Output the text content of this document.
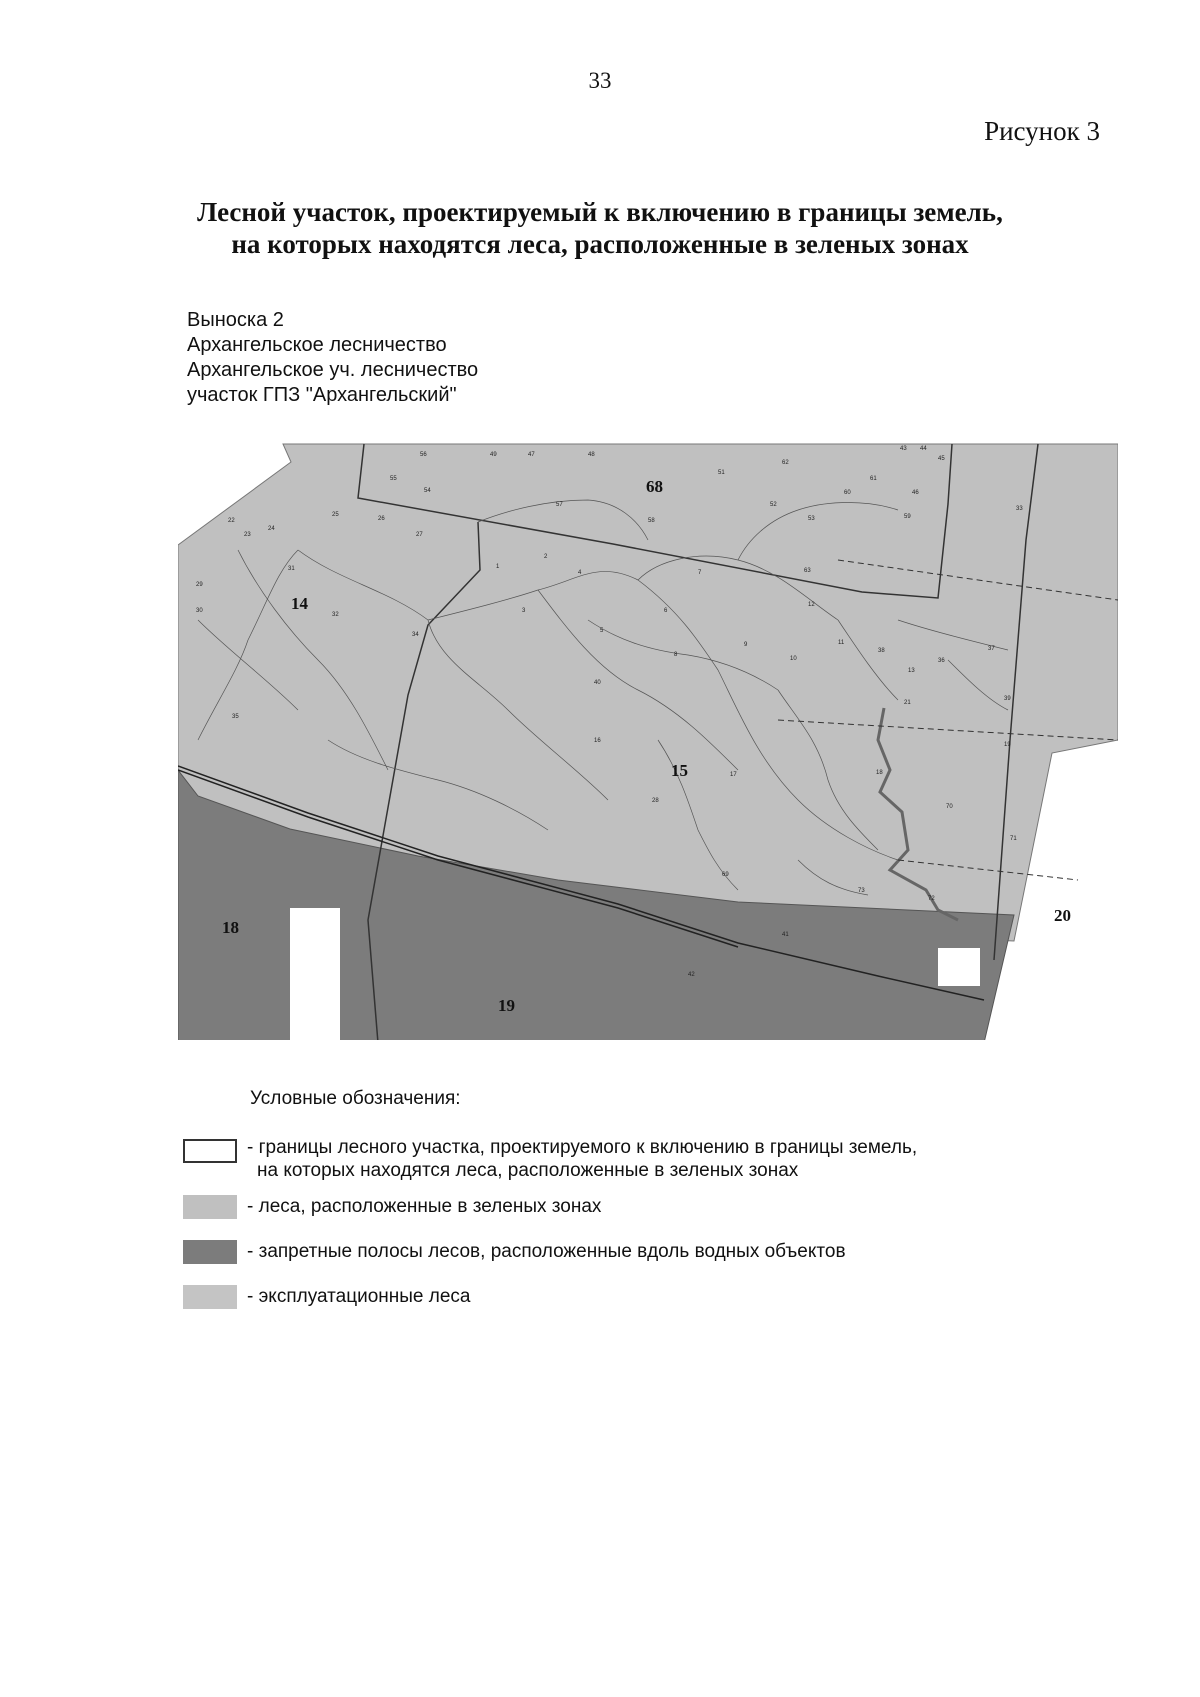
33
Рисунок 3
Лесной участок, проектируемый к включению в границы земель,
на которых находятся леса, расположенные в зеленых зонах
Выноска 2
Архангельское лесничество
Архангельское уч. лесничество
участок ГПЗ "Архангельский"
68
14
15
18
19
20
56	49	47	48
43 44
45
46
54
55
57
58
51
52
53	59
60
61
62
63
33
24
25
26
27
22
23
31
32
34
35
30
29
1
2
3
4
5
6
7
8
9
10
11
12
13
36
37
38
39
40
16
17	18
19
21
70
71
72
73
28
69
42
41
Условные обозначения:
- границы лесного участка, проектируемого к включению в границы земель,
на которых находятся леса, расположенные в зеленых зонах
- леса, расположенные в зеленых зонах
- запретные полосы лесов, расположенные вдоль водных объектов
- эксплуатационные леса
